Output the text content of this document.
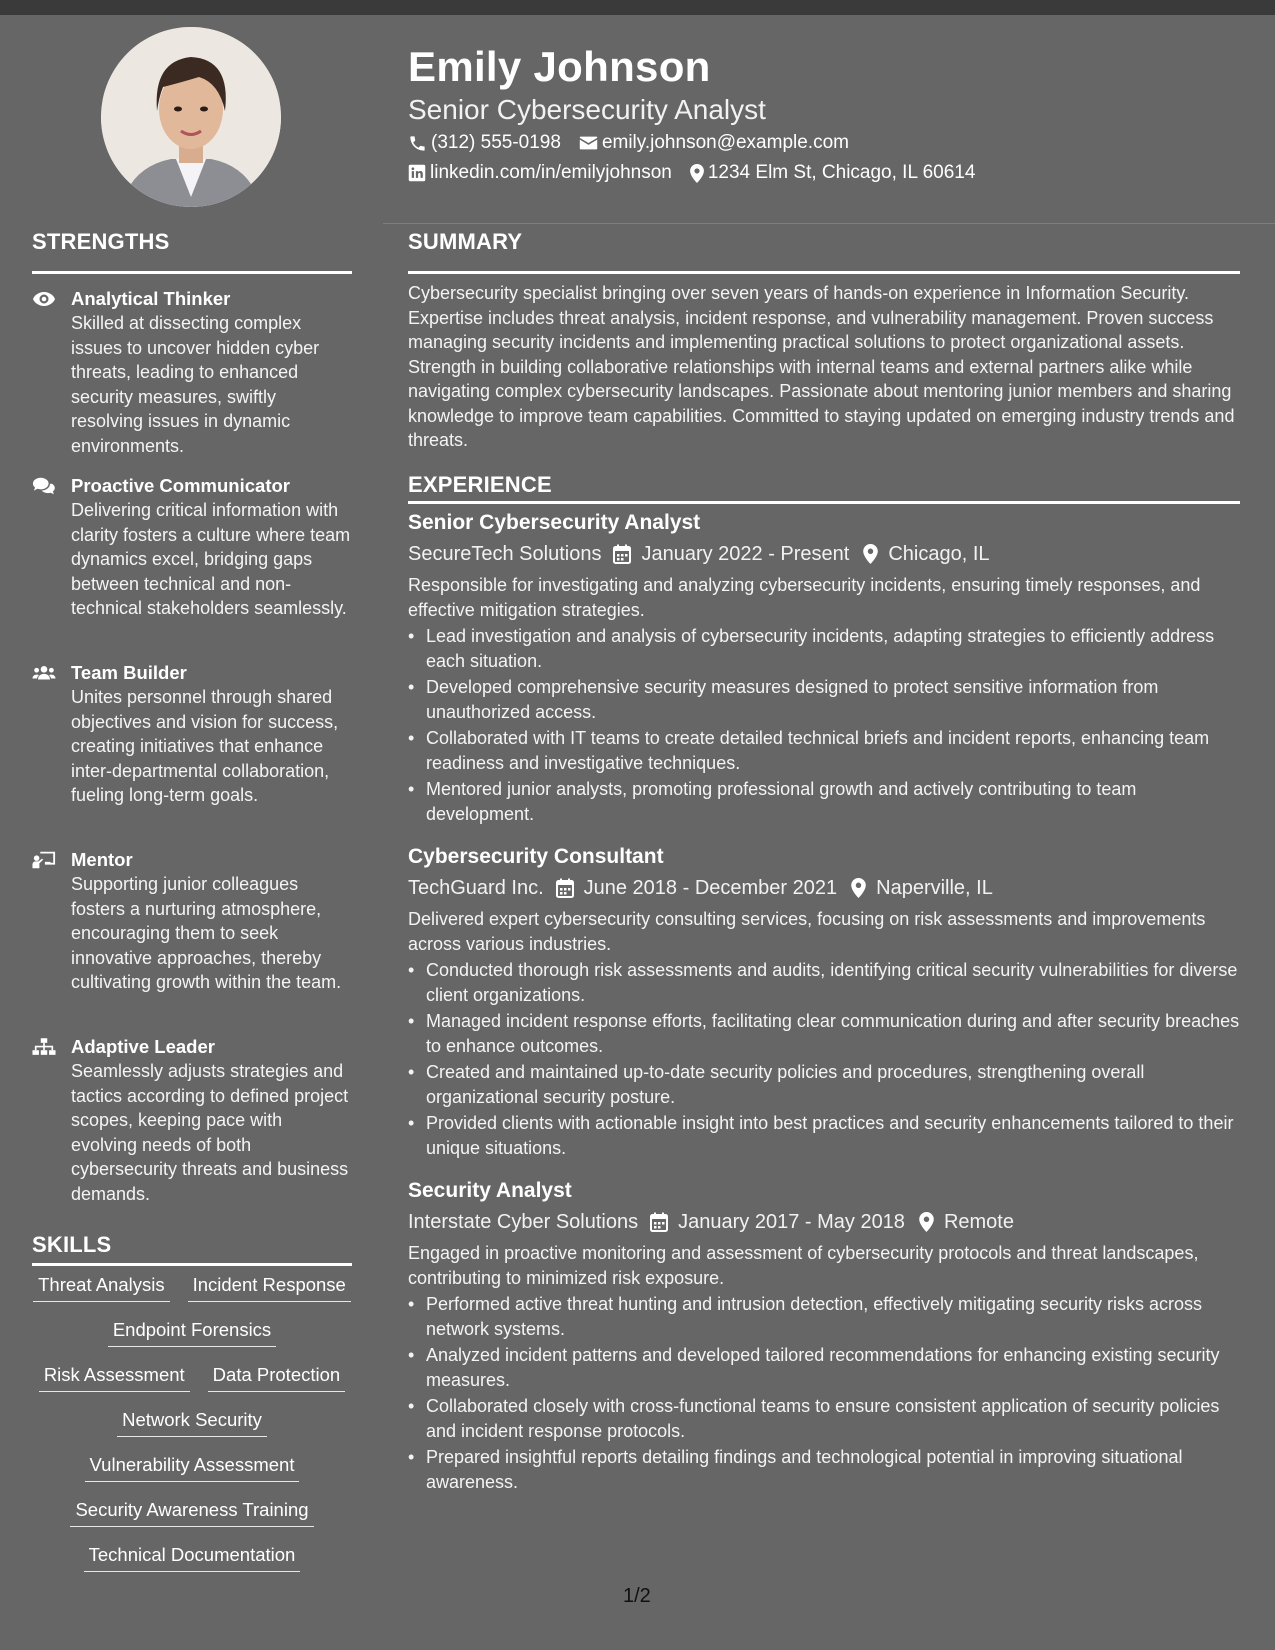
Emily Johnson
Senior Cybersecurity Analyst
(312) 555-0198 emily.johnson@example.com
linkedin.com/in/emilyjohnson 1234 Elm St, Chicago, IL 60614
STRENGTHS
Analytical Thinker
Skilled at dissecting complex issues to uncover hidden cyber threats, leading to enhanced security measures, swiftly resolving issues in dynamic environments.
Proactive Communicator
Delivering critical information with clarity fosters a culture where team dynamics excel, bridging gaps between technical and non-technical stakeholders seamlessly.
Team Builder
Unites personnel through shared objectives and vision for success, creating initiatives that enhance inter-departmental collaboration, fueling long-term goals.
Mentor
Supporting junior colleagues fosters a nurturing atmosphere, encouraging them to seek innovative approaches, thereby cultivating growth within the team.
Adaptive Leader
Seamlessly adjusts strategies and tactics according to defined project scopes, keeping pace with evolving needs of both cybersecurity threats and business demands.
SKILLS
Threat Analysis Incident Response
Endpoint Forensics
Risk Assessment Data Protection
Network Security
Vulnerability Assessment
Security Awareness Training
Technical Documentation
SUMMARY
Cybersecurity specialist bringing over seven years of hands-on experience in Information Security. Expertise includes threat analysis, incident response, and vulnerability management. Proven success managing security incidents and implementing practical solutions to protect organizational assets. Strength in building collaborative relationships with internal teams and external partners alike while navigating complex cybersecurity landscapes. Passionate about mentoring junior members and sharing knowledge to improve team capabilities. Committed to staying updated on emerging industry trends and threats.
EXPERIENCE
Senior Cybersecurity Analyst
SecureTech Solutions January 2022 - Present Chicago, IL
Responsible for investigating and analyzing cybersecurity incidents, ensuring timely responses, and effective mitigation strategies.
• Lead investigation and analysis of cybersecurity incidents, adapting strategies to efficiently address each situation.
• Developed comprehensive security measures designed to protect sensitive information from unauthorized access.
• Collaborated with IT teams to create detailed technical briefs and incident reports, enhancing team readiness and investigative techniques.
• Mentored junior analysts, promoting professional growth and actively contributing to team development.
Cybersecurity Consultant
TechGuard Inc. June 2018 - December 2021 Naperville, IL
Delivered expert cybersecurity consulting services, focusing on risk assessments and improvements across various industries.
• Conducted thorough risk assessments and audits, identifying critical security vulnerabilities for diverse client organizations.
• Managed incident response efforts, facilitating clear communication during and after security breaches to enhance outcomes.
• Created and maintained up-to-date security policies and procedures, strengthening overall organizational security posture.
• Provided clients with actionable insight into best practices and security enhancements tailored to their unique situations.
Security Analyst
Interstate Cyber Solutions January 2017 - May 2018 Remote
Engaged in proactive monitoring and assessment of cybersecurity protocols and threat landscapes, contributing to minimized risk exposure.
• Performed active threat hunting and intrusion detection, effectively mitigating security risks across network systems.
• Analyzed incident patterns and developed tailored recommendations for enhancing existing security measures.
• Collaborated closely with cross-functional teams to ensure consistent application of security policies and incident response protocols.
• Prepared insightful reports detailing findings and technological potential in improving situational awareness.
1/2
